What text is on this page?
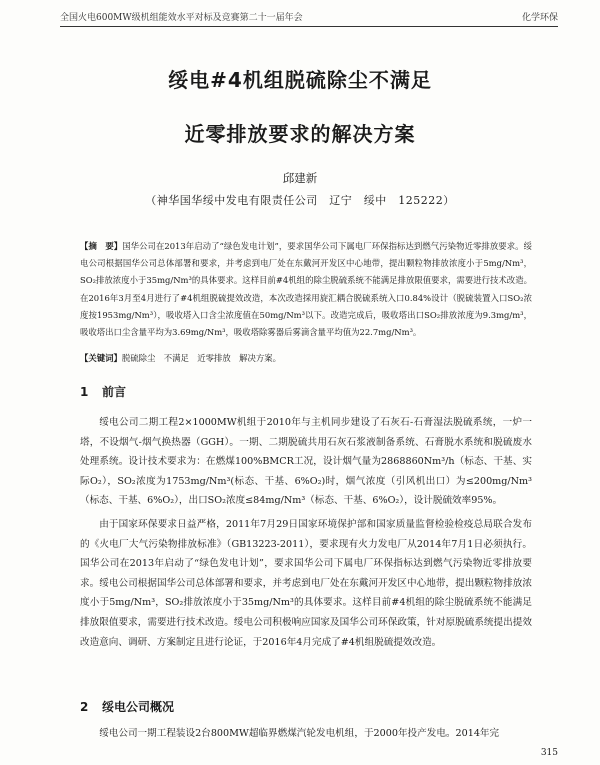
全国火电600MW级机组能效水平对标及竞赛第二十一届年会	化学环保
绥电#4机组脱硫除尘不满足
近零排放要求的解决方案
邱建新
（神华国华绥中发电有限责任公司　辽宁　绥中　125222）
【摘　要】国华公司在2013年启动了“绿色发电计划”，要求国华公司下属电厂环保指标达到燃气污染物近零排放要求。绥电公司根据国华公司总体部署和要求，并考虑到电厂处在东戴河开发区中心地带，提出颗粒物排放浓度小于5mg/Nm³，SO₂排放浓度小于35mg/Nm³的具体要求。这样目前#4机组的除尘脱硫系统不能满足排放限值要求，需要进行技术改造。在2016年3月至4月进行了#4机组脱硫提效改造，本次改造採用旋汇耦合脱硫系统入口0.84%设计（脱硫装置入口SO₂浓度按1953mg/Nm³），吸收塔入口含尘浓度值在50mg/Nm³以下。改造完成后，吸收塔出口SO₂排放浓度为9.3mg/m³，吸收塔出口尘含量平均为3.69mg/Nm³，吸收塔除雾器后雾滴含量平均值为22.7mg/Nm³。
【关键词】脱硫除尘　不满足　近零排放　解决方案。
1 前言
绥电公司二期工程2×1000MW机组于2010年与主机同步建设了石灰石-石膏湿法脱硫系统，一炉一塔，不设烟气-烟气换热器（GGH）。一期、二期脱硫共用石灰石浆液制备系统、石膏脱水系统和脱硫废水处理系统。设计技术要求为：在燃煤100%BMCR工况，设计烟气量为2868860Nm³/h（标态、干基、实际O₂），SO₂浓度为1753mg/Nm³(标态、干基、6%O₂)时，烟气浓度（引风机出口）为≤200mg/Nm³（标态、干基、6%O₂），出口SO₂浓度≤84mg/Nm³（标态、干基、6%O₂），设计脱硫效率95%。
由于国家环保要求日益严格，2011年7月29日国家环境保护部和国家质量监督检验检疫总局联合发布的《火电厂大气污染物排放标准》（GB13223-2011），要求现有火力发电厂从2014年7月1日必须执行。国华公司在2013年启动了“绿色发电计划”，要求国华公司下属电厂环保指标达到燃气污染物近零排放要求。绥电公司根据国华公司总体部署和要求，并考虑到电厂处在东戴河开发区中心地带，提出颗粒物排放浓度小于5mg/Nm³，SO₂排放浓度小于35mg/Nm³的具体要求。这样目前#4机组的除尘脱硫系统不能满足排放限值要求，需要进行技术改造。绥电公司积极响应国家及国华公司环保政策，针对原脱硫系统提出提效改造意向、调研、方案制定且进行论证，于2016年4月完成了#4机组脱硫提效改造。
2 绥电公司概况
绥电公司一期工程装设2台800MW超临界燃煤汽轮发电机组，于2000年投产发电。2014年完
315
